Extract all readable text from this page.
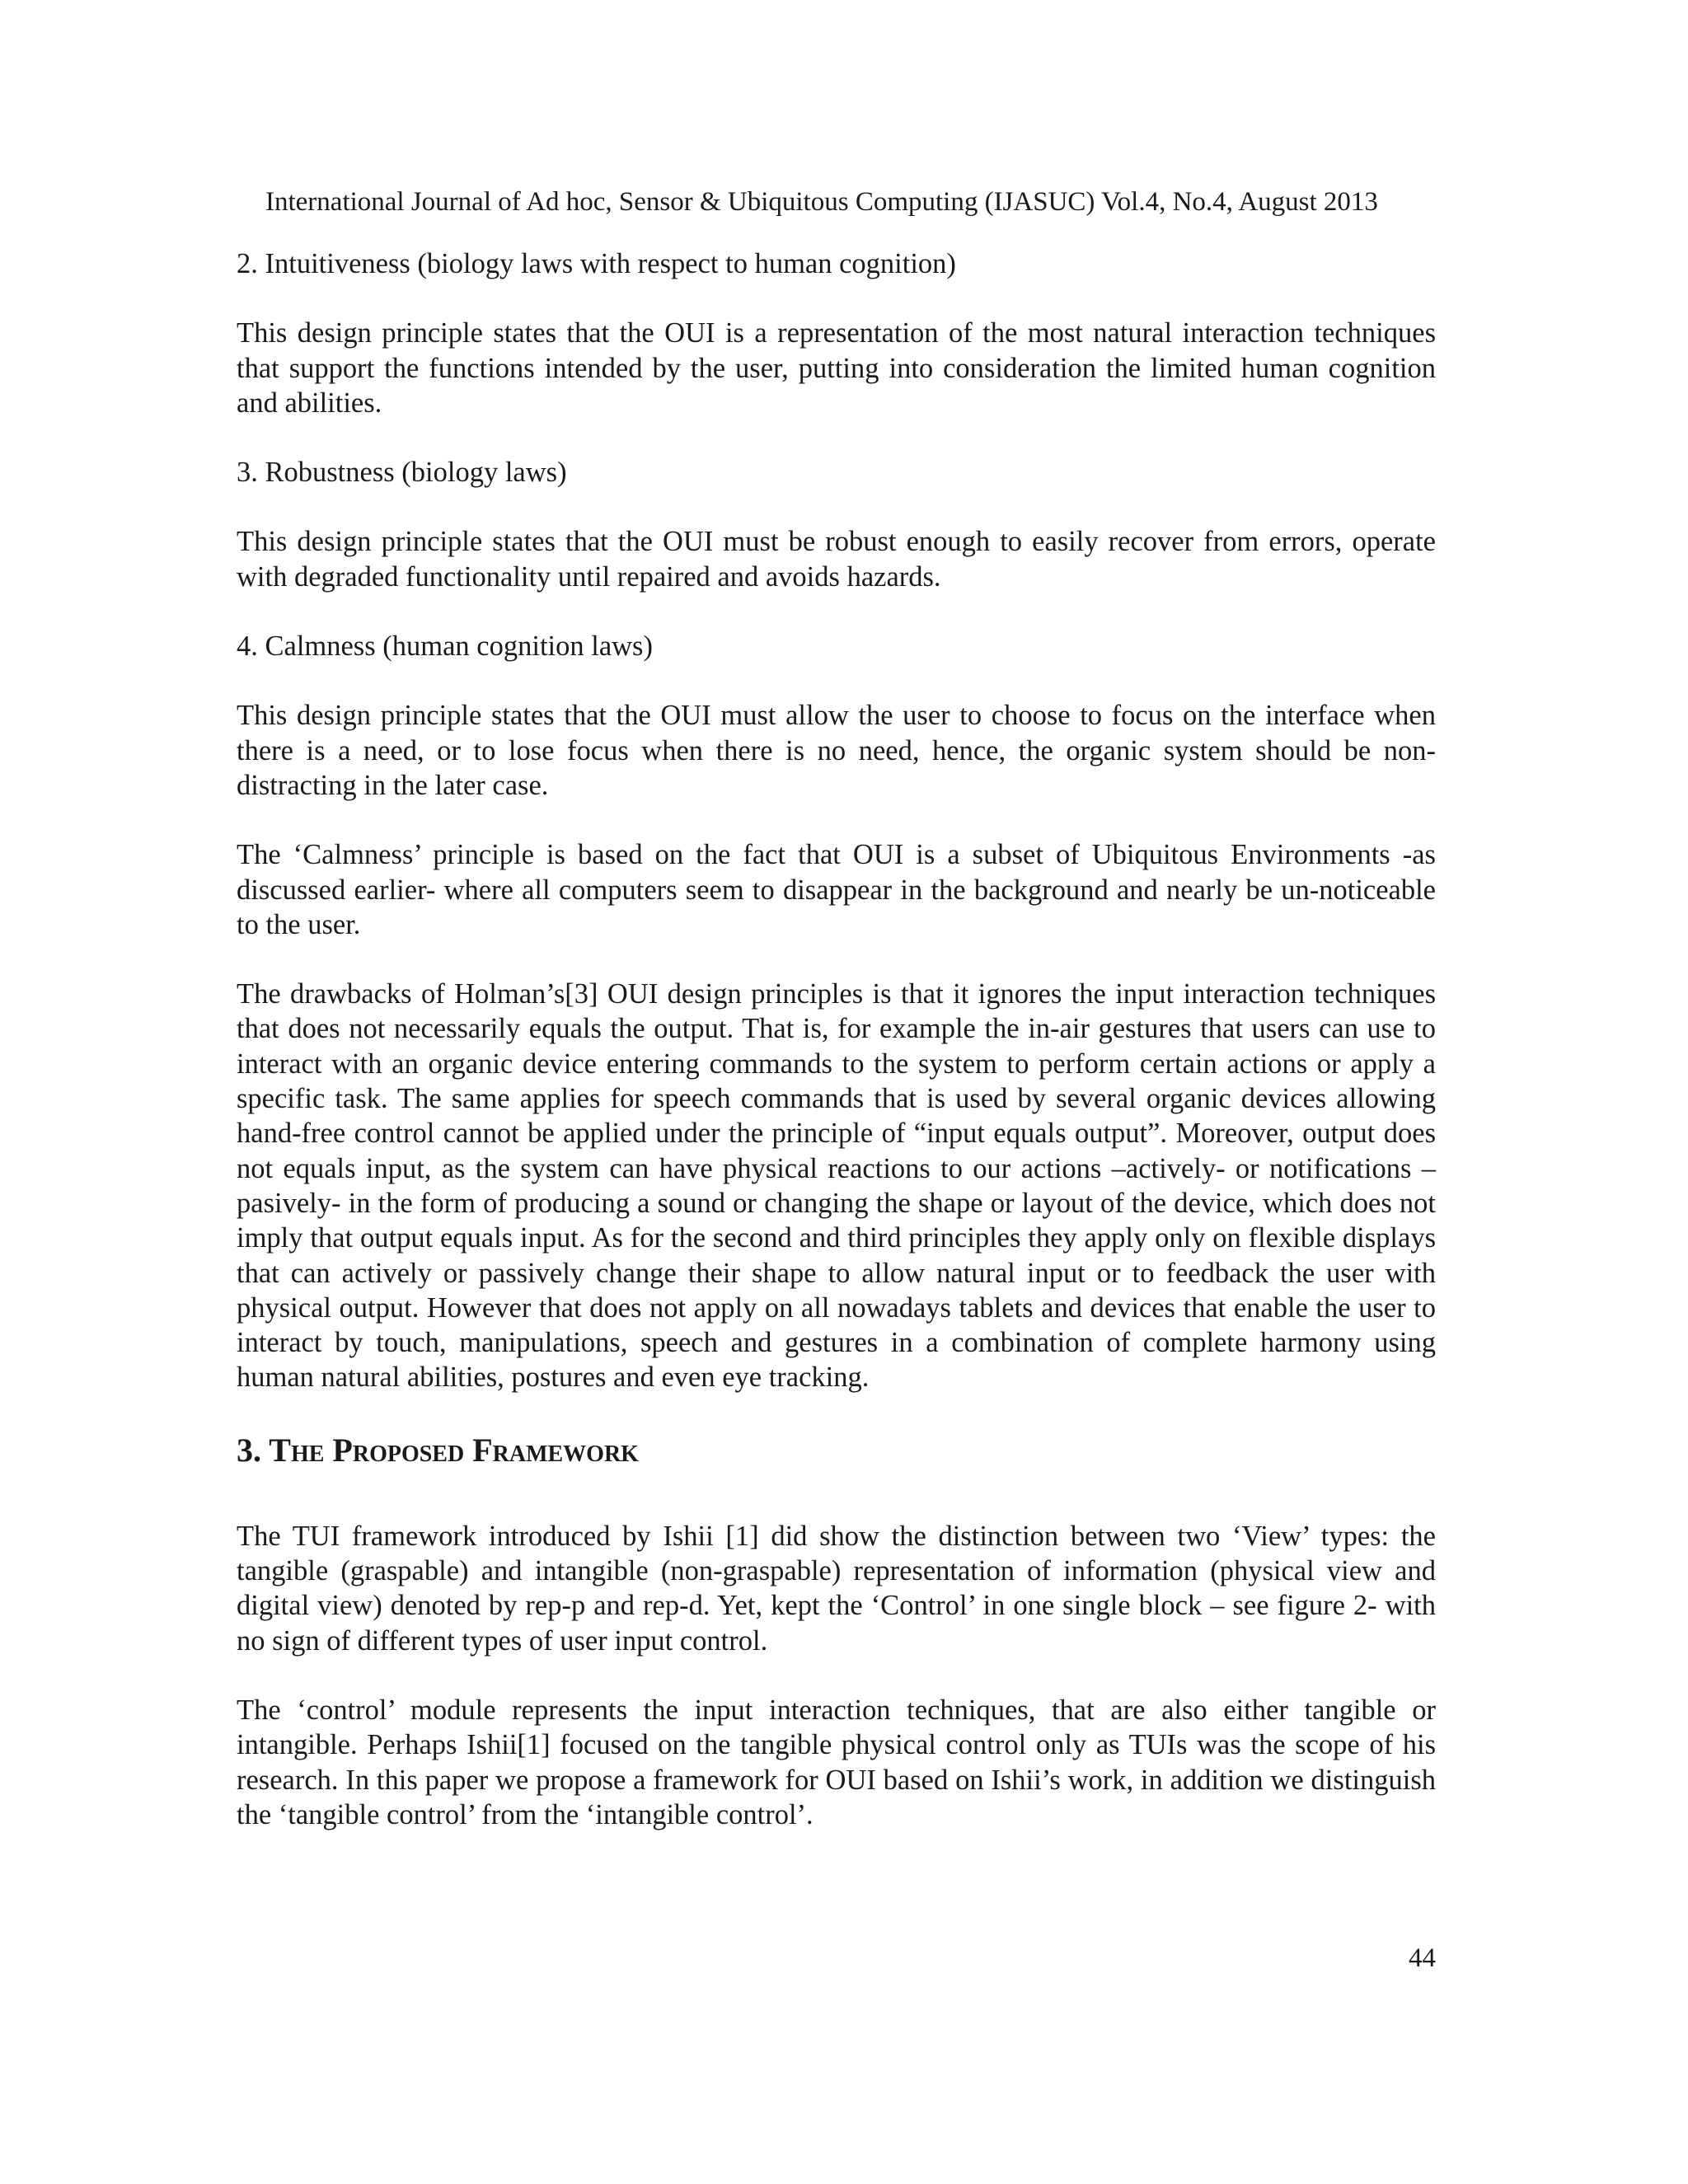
International Journal of Ad hoc, Sensor & Ubiquitous Computing (IJASUC) Vol.4, No.4, August 2013

2. Intuitiveness (biology laws with respect to human cognition)

This design principle states that the OUI is a representation of the most natural interaction techniques that support the functions intended by the user, putting into consideration the limited human cognition and abilities.

3. Robustness (biology laws)

This design principle states that the OUI must be robust enough to easily recover from errors, operate with degraded functionality until repaired and avoids hazards.

4. Calmness (human cognition laws)

This design principle states that the OUI must allow the user to choose to focus on the interface when there is a need, or to lose focus when there is no need, hence, the organic system should be non-distracting in the later case.

The ‘Calmness’ principle is based on the fact that OUI is a subset of Ubiquitous Environments -as discussed earlier- where all computers seem to disappear in the background and nearly be un-noticeable to the user.

The drawbacks of Holman’s[3] OUI design principles is that it ignores the input interaction techniques that does not necessarily equals the output. That is, for example the in-air gestures that users can use to interact with an organic device entering commands to the system to perform certain actions or apply a specific task. The same applies for speech commands that is used by several organic devices allowing hand-free control cannot be applied under the principle of “input equals output”. Moreover, output does not equals input, as the system can have physical reactions to our actions –actively- or notifications –pasively- in the form of producing a sound or changing the shape or layout of the device, which does not imply that output equals input. As for the second and third principles they apply only on flexible displays that can actively or passively change their shape to allow natural input or to feedback the user with physical output. However that does not apply on all nowadays tablets and devices that enable the user to interact by touch, manipulations, speech and gestures in a combination of complete harmony using human natural abilities, postures and even eye tracking.

3. The Proposed Framework

The TUI framework introduced by Ishii [1] did show the distinction between two ‘View’ types: the tangible (graspable) and intangible (non-graspable) representation of information (physical view and digital view) denoted by rep-p and rep-d. Yet, kept the ‘Control’ in one single block – see figure 2- with no sign of different types of user input control.

The ‘control’ module represents the input interaction techniques, that are also either tangible or intangible. Perhaps Ishii[1] focused on the tangible physical control only as TUIs was the scope of his research. In this paper we propose a framework for OUI based on Ishii’s work, in addition we distinguish the ‘tangible control’ from the ‘intangible control’.

44
